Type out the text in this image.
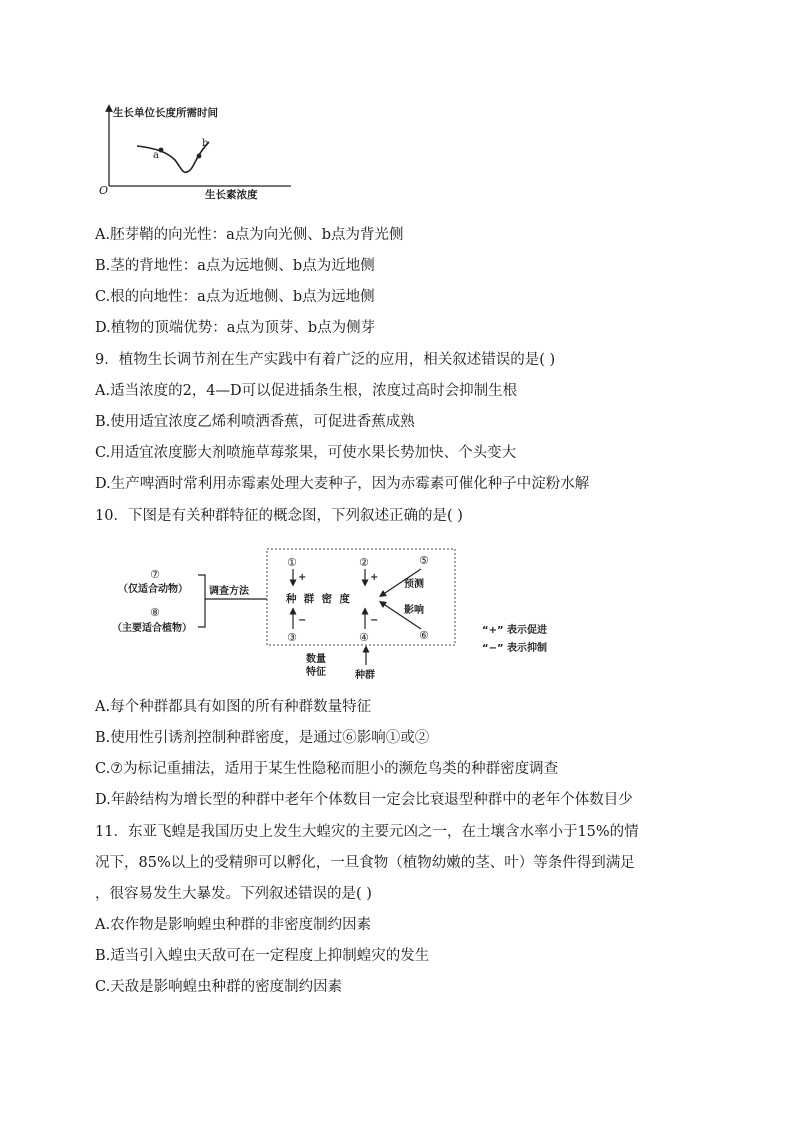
生长单位长度所需时间
生长素浓度
O
a
b
A.胚芽鞘的向光性：a点为向光侧、b点为背光侧
B.茎的背地性：a点为远地侧、b点为近地侧
C.根的向地性：a点为近地侧、b点为远地侧
D.植物的顶端优势：a点为顶芽、b点为侧芽
9．植物生长调节剂在生产实践中有着广泛的应用，相关叙述错误的是( )
A.适当浓度的2，4—D可以促进插条生根，浓度过高时会抑制生根
B.使用适宜浓度乙烯利喷洒香蕉，可促进香蕉成熟
C.用适宜浓度膨大剂喷施草莓浆果，可使水果长势加快、个头变大
D.生产啤酒时常利用赤霉素处理大麦种子，因为赤霉素可催化种子中淀粉水解
10．下图是有关种群特征的概念图，下列叙述正确的是( )
⑦
（仅适合动物）
⑧
（主要适合植物）
调查方法
①	②	⑤
+	+
种  群  密  度
预测
影响
−	−
③	④	⑥
数量
特征	种群
“+” 表示促进
“−” 表示抑制
A.每个种群都具有如图的所有种群数量特征
B.使用性引诱剂控制种群密度，是通过⑥影响①或②
C.⑦为标记重捕法，适用于某生性隐秘而胆小的濒危鸟类的种群密度调查
D.年龄结构为增长型的种群中老年个体数目一定会比衰退型种群中的老年个体数目少
11．东亚飞蝗是我国历史上发生大蝗灾的主要元凶之一，在土壤含水率小于15%的情
况下，85%以上的受精卵可以孵化，一旦食物（植物幼嫩的茎、叶）等条件得到满足
，很容易发生大暴发。下列叙述错误的是( )
A.农作物是影响蝗虫种群的非密度制约因素
B.适当引入蝗虫天敌可在一定程度上抑制蝗灾的发生
C.天敌是影响蝗虫种群的密度制约因素
